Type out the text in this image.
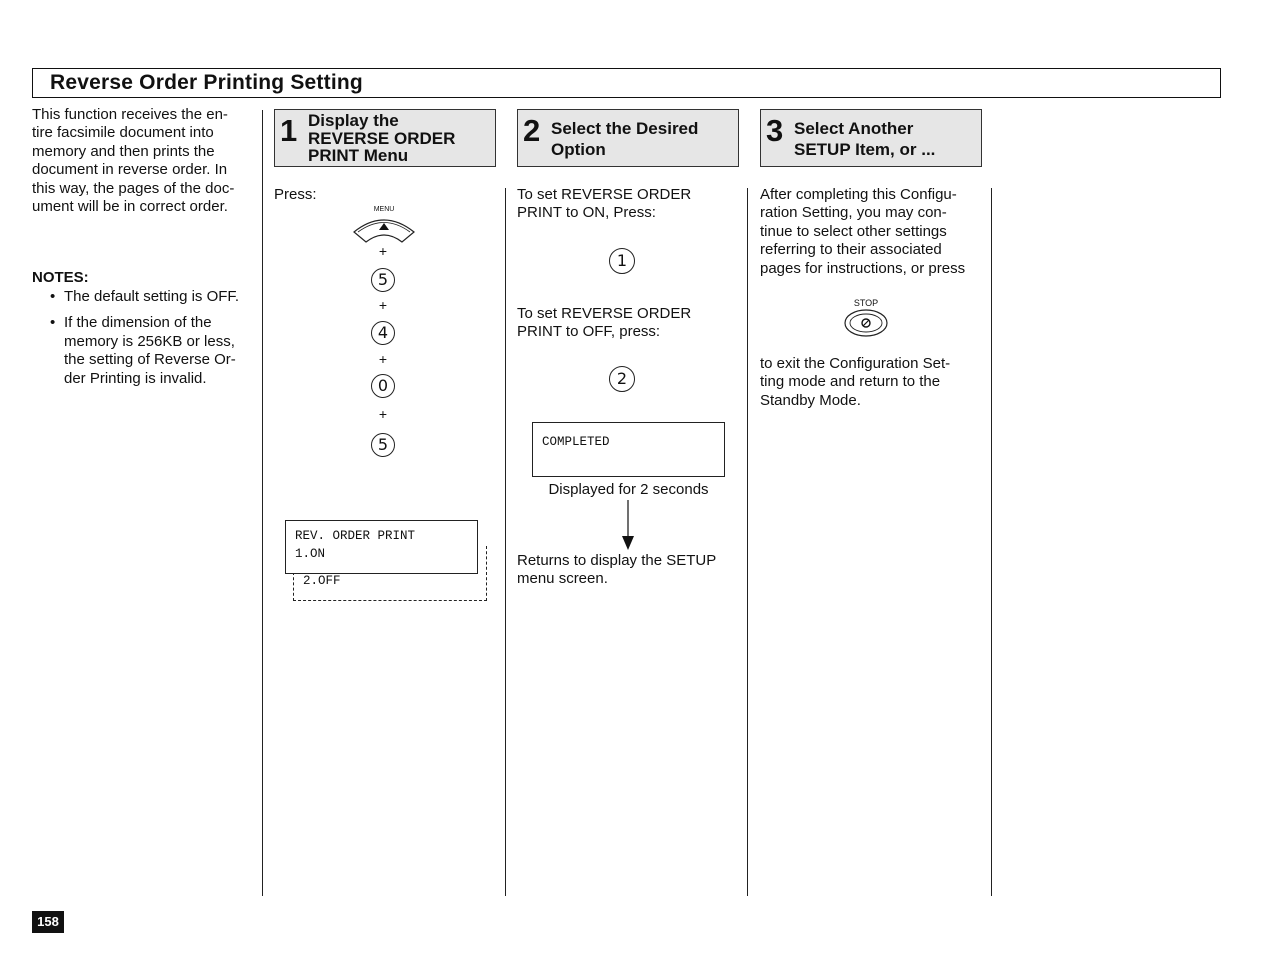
Reverse Order Printing Setting
This function receives the en-
tire facsimile document into
memory and then prints the
document in reverse order. In
this way, the pages of the doc-
ument will be in correct order.
NOTES:
• The default setting is OFF.
• If the dimension of the memory is 256KB or less, the setting of Reverse Or-der Printing is invalid.
1 Display the
REVERSE ORDER
PRINT Menu
2 Select the Desired
Option
3 Select Another
SETUP Item, or ...
Press:
MENU
+
5
+
4
+
0
+
5
2.OFF
REV. ORDER PRINT
1.ON
To set REVERSE ORDER
PRINT to ON, Press:
1
To set REVERSE ORDER
PRINT to OFF, press:
2
COMPLETED
Displayed for 2 seconds
Returns to display the SETUP
menu screen.
After completing this Configu-
ration Setting, you may con-
tinue to select other settings
referring to their associated
pages for instructions, or press
STOP
to exit the Configuration Set-
ting mode and return to the
Standby Mode.
158
